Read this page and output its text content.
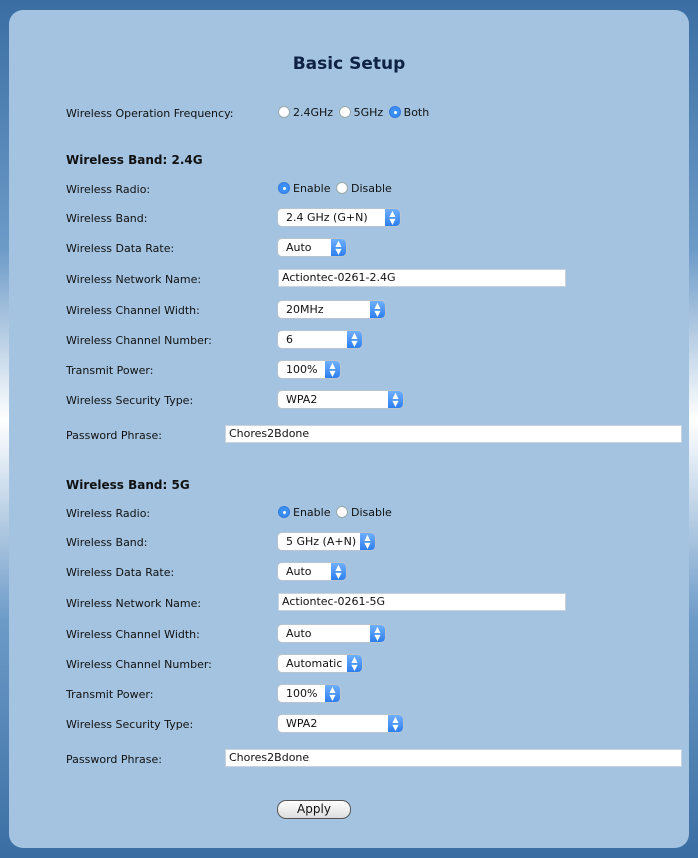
Basic Setup
Wireless Operation Frequency:	2.4GHz 5GHz Both
Wireless Band: 2.4G
Wireless Radio:	Enable Disable
Wireless Band:	2.4 GHz (G+N)	▲
▼
Wireless Data Rate:	Auto	▲
▼
Wireless Network Name:	Actiontec-0261-2.4G
Wireless Channel Width:	20MHz	▲
▼
Wireless Channel Number:	6	▲
▼
Transmit Power:	100%	▲
▼
Wireless Security Type:	WPA2	▲
▼
Password Phrase:	Chores2Bdone
Wireless Band: 5G
Wireless Radio:	Enable Disable
Wireless Band:	5 GHz (A+N)	▲
▼
Wireless Data Rate:	Auto	▲
▼
Wireless Network Name:	Actiontec-0261-5G
Wireless Channel Width:	Auto	▲
▼
Wireless Channel Number:	Automatic	▲
▼
Transmit Power:	100%	▲
▼
Wireless Security Type:	WPA2	▲
▼
Password Phrase:	Chores2Bdone
Apply
